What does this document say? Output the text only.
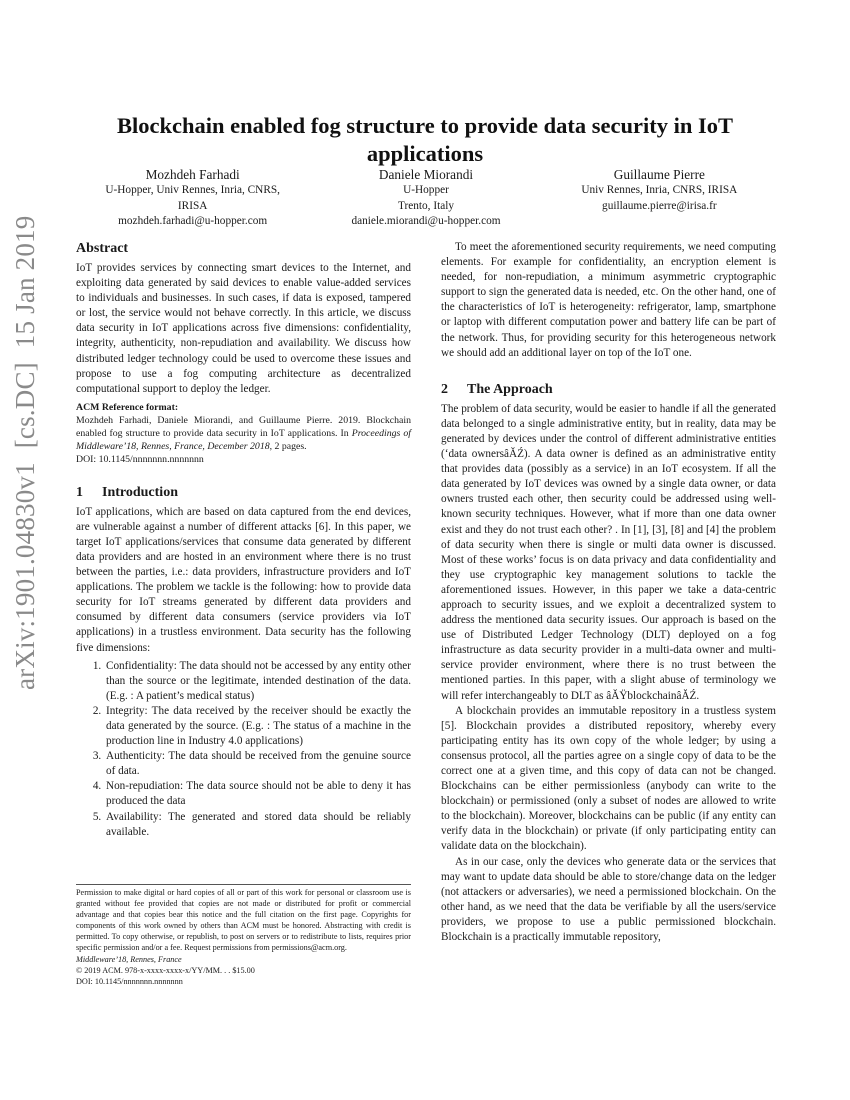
arXiv:1901.04830v1  [cs.DC]  15 Jan 2019
Blockchain enabled fog structure to provide data security in IoT applications
Mozhdeh Farhadi
U-Hopper, Univ Rennes, Inria, CNRS,
IRISA
mozhdeh.farhadi@u-hopper.com
Daniele Miorandi
U-Hopper
Trento, Italy
daniele.miorandi@u-hopper.com
Guillaume Pierre
Univ Rennes, Inria, CNRS, IRISA
guillaume.pierre@irisa.fr
Abstract

IoT provides services by connecting smart devices to the Internet, and exploiting data generated by said devices to enable value-added services to individuals and businesses. In such cases, if data is exposed, tampered or lost, the service would not behave correctly. In this article, we discuss data security in IoT applications across five dimensions: confidentiality, integrity, authenticity, non-repudiation and availability. We discuss how distributed ledger technology could be used to overcome these issues and propose to use a fog computing architecture as decentralized computational support to deploy the ledger.

ACM Reference format:
Mozhdeh Farhadi, Daniele Miorandi, and Guillaume Pierre. 2019. Blockchain enabled fog structure to provide data security in IoT applications. In Proceedings of Middleware’18, Rennes, France, December 2018, 2 pages.
DOI: 10.1145/nnnnnnn.nnnnnnn
1 Introduction

IoT applications, which are based on data captured from the end devices, are vulnerable against a number of different attacks [6]. In this paper, we target IoT applications/services that consume data generated by different data providers and are hosted in an environment where there is no trust between the parties, i.e.: data providers, infrastructure providers and IoT applications. The problem we tackle is the following: how to provide data security for IoT streams generated by different data providers and consumed by different data consumers (service providers via IoT applications) in a trustless environment. Data security has the following five dimensions:

1. Confidentiality: The data should not be accessed by any entity other than the source or the legitimate, intended destination of the data. (E.g. : A patient’s medical status)
2. Integrity: The data received by the receiver should be exactly the data generated by the source. (E.g. : The status of a machine in the production line in Industry 4.0 applications)
3. Authenticity: The data should be received from the genuine source of data.
4. Non-repudiation: The data source should not be able to deny it has produced the data
5. Availability: The generated and stored data should be reliably available.
Permission to make digital or hard copies of all or part of this work for personal or classroom use is granted without fee provided that copies are not made or distributed for profit or commercial advantage and that copies bear this notice and the full citation on the first page. Copyrights for components of this work owned by others than ACM must be honored. Abstracting with credit is permitted. To copy otherwise, or republish, to post on servers or to redistribute to lists, requires prior specific permission and/or a fee. Request permissions from permissions@acm.org.
Middleware’18, Rennes, France
© 2019 ACM. 978-x-xxxx-xxxx-x/YY/MM. . . $15.00
DOI: 10.1145/nnnnnnn.nnnnnnn

To meet the aforementioned security requirements, we need computing elements. For example for confidentiality, an encryption element is needed, for non-repudiation, a minimum asymmetric cryptographic support to sign the generated data is needed, etc. On the other hand, one of the characteristics of IoT is heterogeneity: refrigerator, lamp, smartphone or laptop with different computation power and battery life can be part of the network. Thus, for providing security for this heterogeneous network we should add an additional layer on top of the IoT one.

2 The Approach

The problem of data security, would be easier to handle if all the generated data belonged to a single administrative entity, but in reality, data may be generated by devices under the control of different administrative entities (‘data ownersâĂŹ). A data owner is defined as an administrative entity that provides data (possibly as a service) in an IoT ecosystem. If all the data generated by IoT devices was owned by a single data owner, or data owners trusted each other, then security could be addressed using well-known security techniques. However, what if more than one data owner exist and they do not trust each other? . In [1], [3], [8] and [4] the problem of data security when there is single or multi data owner is discussed. Most of these works’ focus is on data privacy and data confidentiality and they use cryptographic key management solutions to tackle the aforementioned issues. However, in this paper we take a data-centric approach to security issues, and we exploit a decentralized system to address the mentioned data security issues. Our approach is based on the use of Distributed Ledger Technology (DLT) deployed on a fog infrastructure as data security provider in a multi-data owner and multi-service provider environment, where there is no trust between the mentioned parties. In this paper, with a slight abuse of terminology we will refer interchangeably to DLT as âĂŸblockchainâĂŹ.

A blockchain provides an immutable repository in a trustless system [5]. Blockchain provides a distributed repository, whereby every participating entity has its own copy of the whole ledger; by using a consensus protocol, all the parties agree on a single copy of data to be the correct one at a given time, and this copy of data can not be changed. Blockchains can be either permissionless (anybody can write to the blockchain) or permissioned (only a subset of nodes are allowed to write to the blockchain). Moreover, blockchains can be public (if any entity can verify data in the blockchain) or private (if only participating entity can validate data on the blockchain).

As in our case, only the devices who generate data or the services that may want to update data should be able to store/change data on the ledger (not attackers or adversaries), we need a permissioned blockchain. On the other hand, as we need that the data be verifiable by all the users/service providers, we propose to use a public permissioned blockchain. Blockchain is a practically immutable repository,
